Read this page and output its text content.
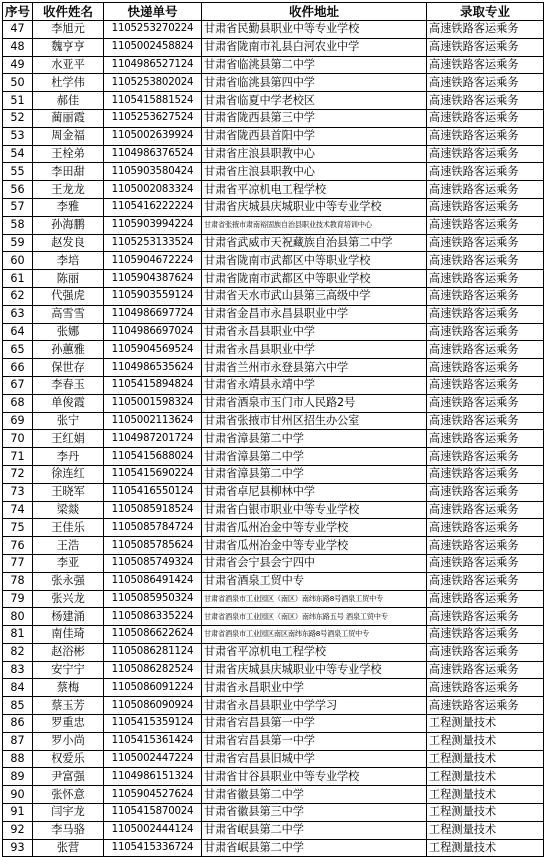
序号	收件姓名	快递单号	收件地址	录取专业
47	李旭元	1105253270224	甘肃省民勤县职业中等专业学校	高速铁路客运乘务
48	魏亨亨	1105002458824	甘肃省陇南市礼县白河农业中学	高速铁路客运乘务
49	水亚平	1104986527124	甘肃省临洮县第二中学	高速铁路客运乘务
50	杜学伟	1105253802024	甘肃省临洮县第四中学	高速铁路客运乘务
51	郝佳	1105415881524	甘肃省临夏中学老校区	高速铁路客运乘务
52	蔺丽霞	1105253627524	甘肃省陇西县第三中学	高速铁路客运乘务
53	周金福	1105002639924	甘肃省陇西县首阳中学	高速铁路客运乘务
54	王栓弟	1104986376524	甘肃省庄浪县职教中心	高速铁路客运乘务
55	李田甜	1105903580424	甘肃省庄浪县职教中心	高速铁路客运乘务
56	王龙龙	1105002083324	甘肃省平凉机电工程学校	高速铁路客运乘务
57	李雅	1105416222224	甘肃省庆城县庆城职业中等专业学校	高速铁路客运乘务
58	孙海鹏	1105903994224	甘肃省张掖市肃南裕固族自治县职业技术教育培训中心	高速铁路客运乘务
59	赵发良	1105253133524	甘肃省武威市天祝藏族自治县第二中学	高速铁路客运乘务
60	李培	1105904672224	甘肃省陇南市武都区中等职业学校	高速铁路客运乘务
61	陈丽	1105904387624	甘肃省陇南市武都区中等职业学校	高速铁路客运乘务
62	代强虎	1105903559124	甘肃省天水市武山县第三高级中学	高速铁路客运乘务
63	高雪雪	1104986697724	甘肃省金昌市永昌县职业中学	高速铁路客运乘务
64	张娜	1104986697024	甘肃省永昌县职业中学	高速铁路客运乘务
65	孙蕙雅	1105904569524	甘肃省永昌县职业中学	高速铁路客运乘务
66	保世存	1104986535624	甘肃省兰州市永登县第六中学	高速铁路客运乘务
67	李春玉	1105415894824	甘肃省永靖县永靖中学	高速铁路客运乘务
68	单俊霞	1105001598324	甘肃省酒泉市玉门市人民路2号	高速铁路客运乘务
69	张宁	1105002113624	甘肃省张掖市甘州区招生办公室	高速铁路客运乘务
70	王红娟	1104987201724	甘肃省漳县第二中学	高速铁路客运乘务
71	李丹	1105415688024	甘肃省漳县第二中学	高速铁路客运乘务
72	徐连红	1105415690224	甘肃省漳县第二中学	高速铁路客运乘务
73	王晓军	1105416550124	甘肃省卓尼县柳林中学	高速铁路客运乘务
74	梁燚	1105085918524	甘肃省白银市职业中等专业学校	高速铁路客运乘务
75	王佳乐	1105085784724	甘肃省瓜州冶金中等专业学校	高速铁路客运乘务
76	王浩	1105085785624	甘肃省瓜州冶金中等专业学校	高速铁路客运乘务
77	李亚	1105085749324	甘肃省会宁县会宁四中	高速铁路客运乘务
78	张永强	1105086491424	甘肃省酒泉工贸中专	高速铁路客运乘务
79	张兴龙	1105085950324	甘肃省酒泉市工业园区（南区）南纬东路8号酒泉工贸中专	高速铁路客运乘务
80	杨建涌	1105086335224	甘肃省酒泉市工业园区（南区）南纬东路五号 酒泉工贸中专	高速铁路客运乘务
81	南佳琦	1105086622624	甘肃省酒泉市工业园区南区南纬东路8号酒泉工贸中专	高速铁路客运乘务
82	赵浴彬	1105086281124	甘肃省平凉机电工程学校	高速铁路客运乘务
83	安宁宁	1105086282524	甘肃省庆城县庆城职业中等专业学校	高速铁路客运乘务
84	蔡梅	1105086091224	甘肃省永昌职业中学	高速铁路客运乘务
85	蔡玉芳	1105086090924	甘肃省永昌县职业中学学习	高速铁路客运乘务
86	罗重忠	1105415359124	甘肃省宕昌县第一中学	工程测量技术
87	罗小尚	1105415361424	甘肃省宕昌县第一中学	工程测量技术
88	权爱乐	1105002447224	甘肃省宕昌县旧城中学	工程测量技术
89	尹富强	1104986151324	甘肃省甘谷县职业中等专业学校	工程测量技术
90	张怀意	1105904527624	甘肃省徽县第二中学	工程测量技术
91	闫宇龙	1105415870024	甘肃省徽县第三中学	工程测量技术
92	李马骆	1105002444124	甘肃省岷县第二中学	工程测量技术
93	张营	1105415336724	甘肃省岷县第二中学	工程测量技术
